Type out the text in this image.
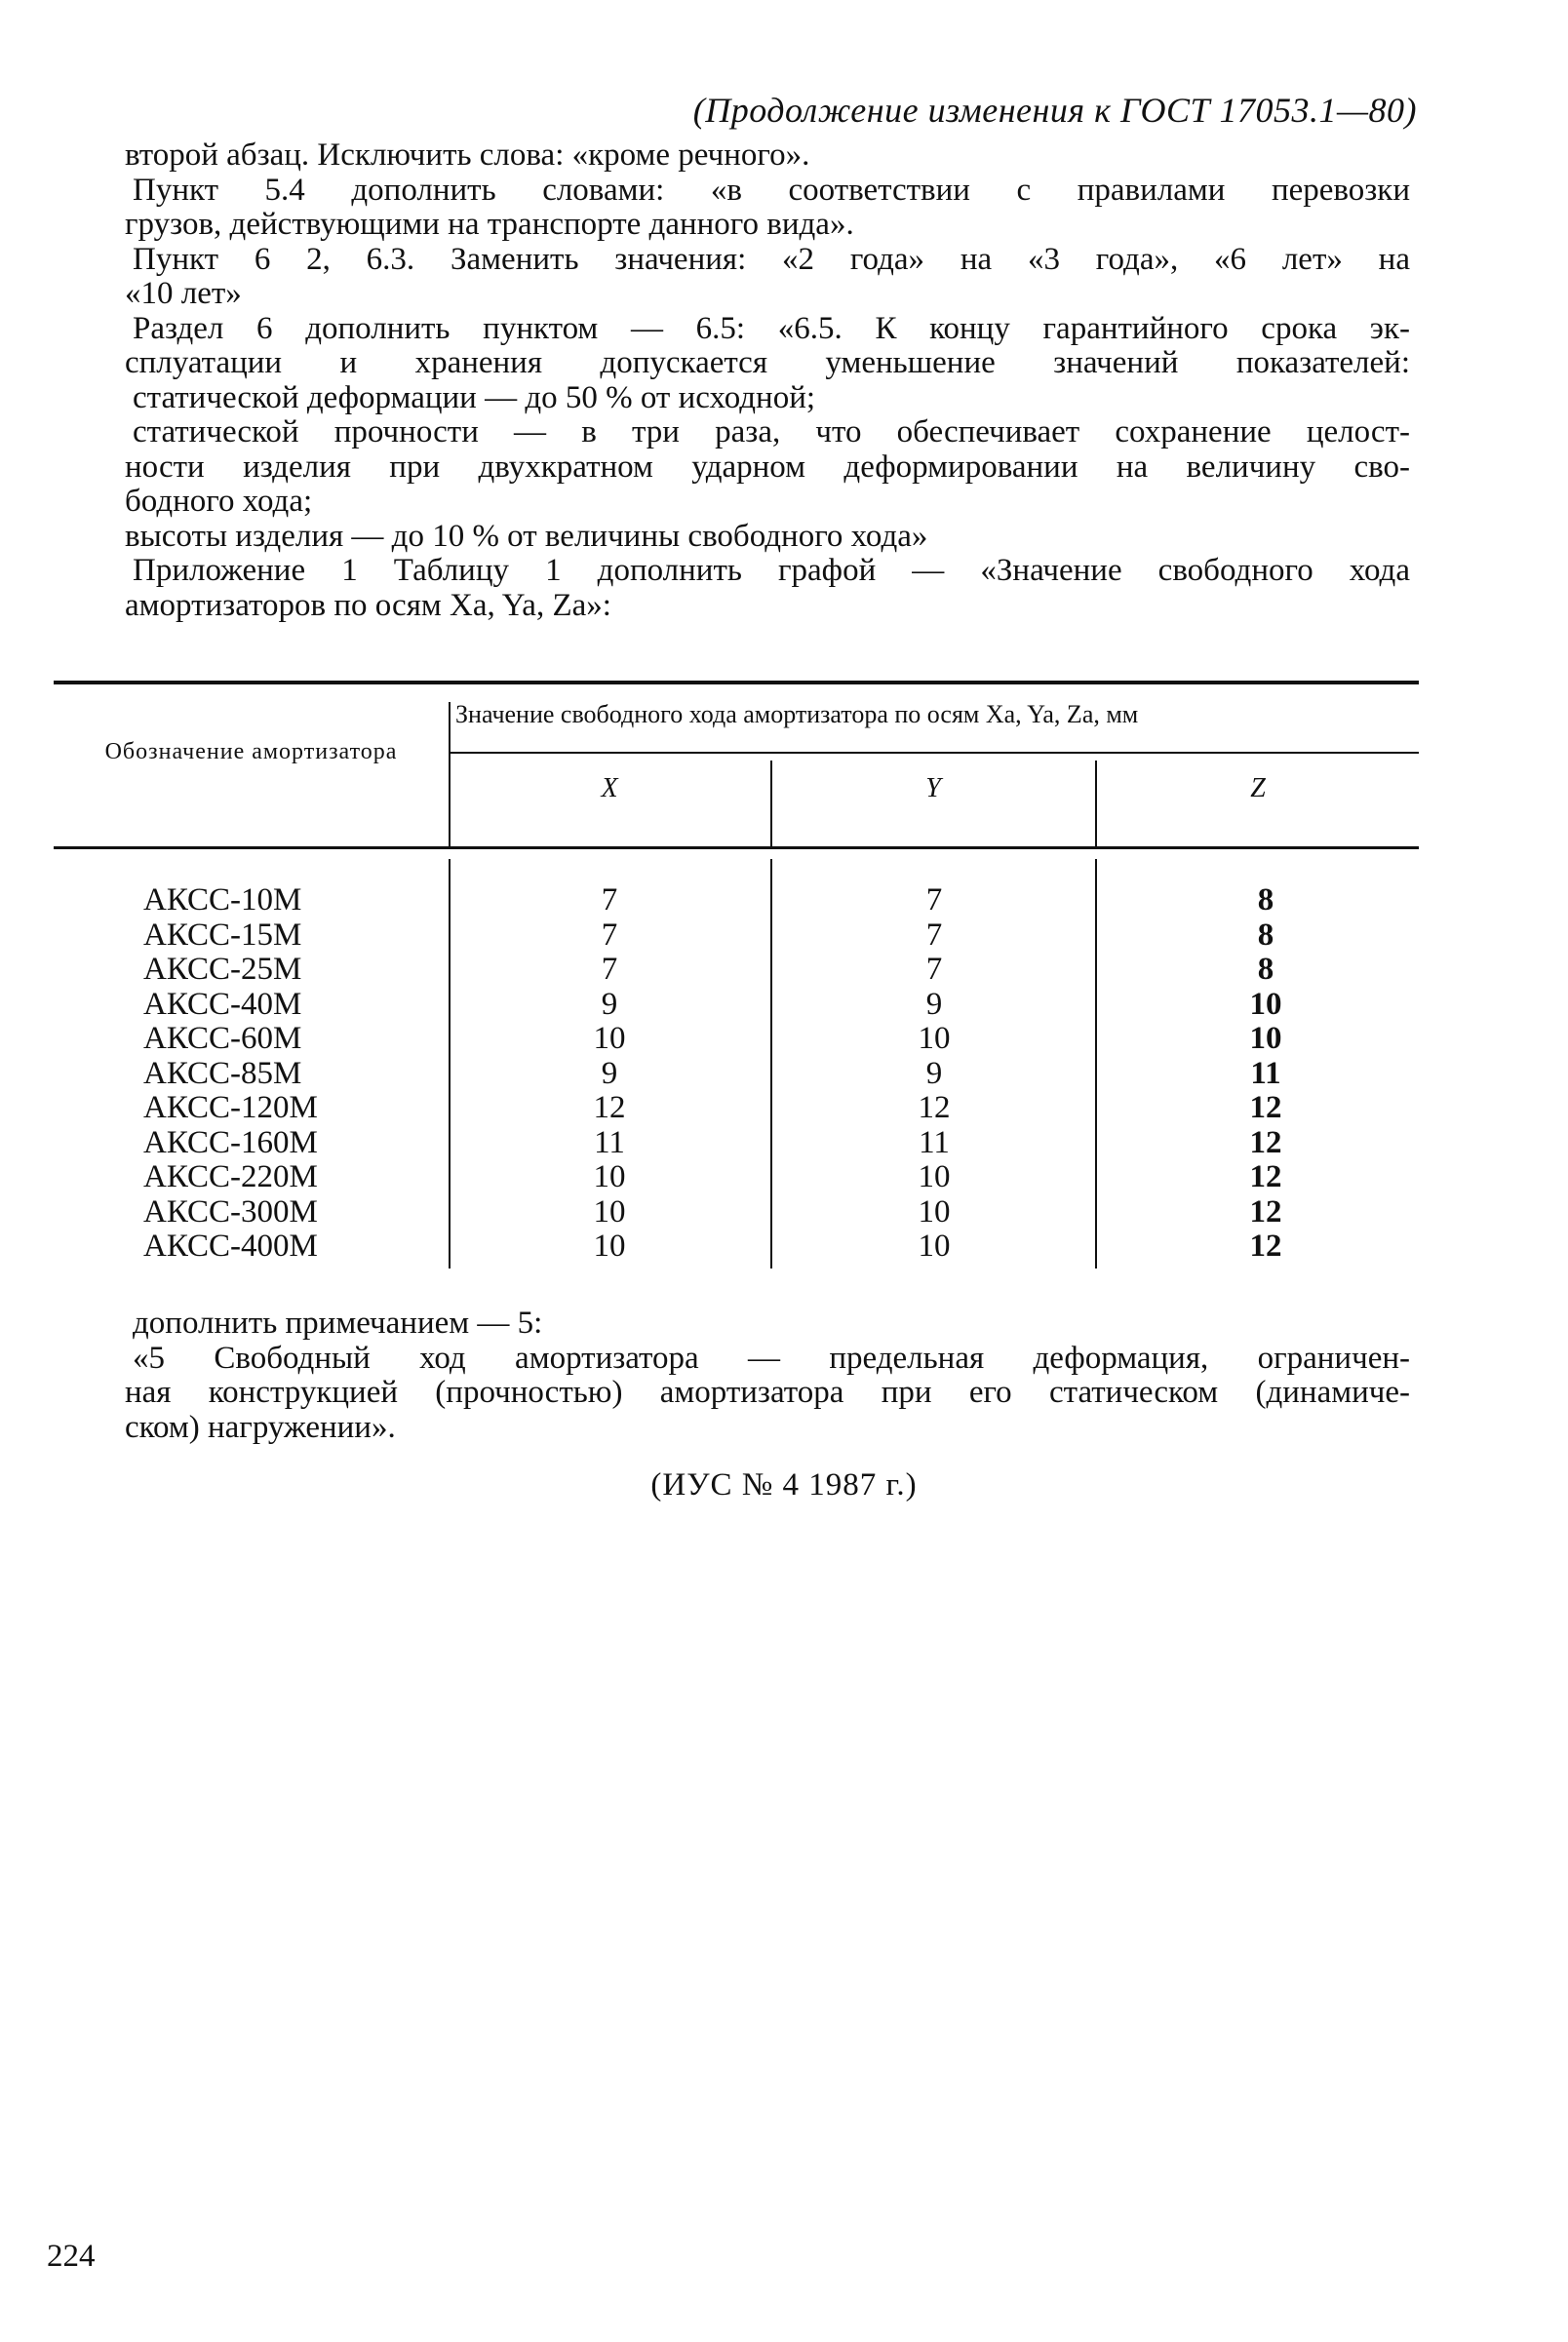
(Продолжение изменения к ГОСТ 17053.1—80)
второй абзац. Исключить слова: «кроме речного».
Пункт 5.4 дополнить словами: «в соответствии с правилами перевозки
грузов, действующими на транспорте данного вида».
Пункт 6 2, 6.3. Заменить значения: «2 года» на «3 года», «6 лет» на
«10 лет»
Раздел 6 дополнить пунктом — 6.5: «6.5. К концу гарантийного срока эк-
сплуатации и хранения допускается уменьшение значений показателей:
статической деформации — до 50 % от исходной;
статической прочности — в три раза, что обеспечивает сохранение целост-
ности изделия при двухкратном ударном деформировании на величину сво-
бодного хода;
высоты изделия — до 10 % от величины свободного хода»
Приложение 1 Таблицу 1 дополнить графой — «Значение свободного хода
амортизаторов по осям Xa, Ya, Za»:
Обозначение амортизатора
Значение свободного хода амортизатора по осям Xa, Ya, Za, мм
X	Y	Z
АКСС-10М	7	7	8
АКСС-15М	7	7	8
АКСС-25М	7	7	8
АКСС-40М	9	9	10
АКСС-60М	10	10	10
АКСС-85М	9	9	11
АКСС-120М	12	12	12
АКСС-160М	11	11	12
АКСС-220М	10	10	12
АКСС-300М	10	10	12
АКСС-400М	10	10	12
дополнить примечанием — 5:
«5 Свободный ход амортизатора — предельная деформация, ограничен-
ная конструкцией (прочностью) амортизатора при его статическом (динамиче-
ском) нагружении».
(ИУС № 4 1987 г.)
224
